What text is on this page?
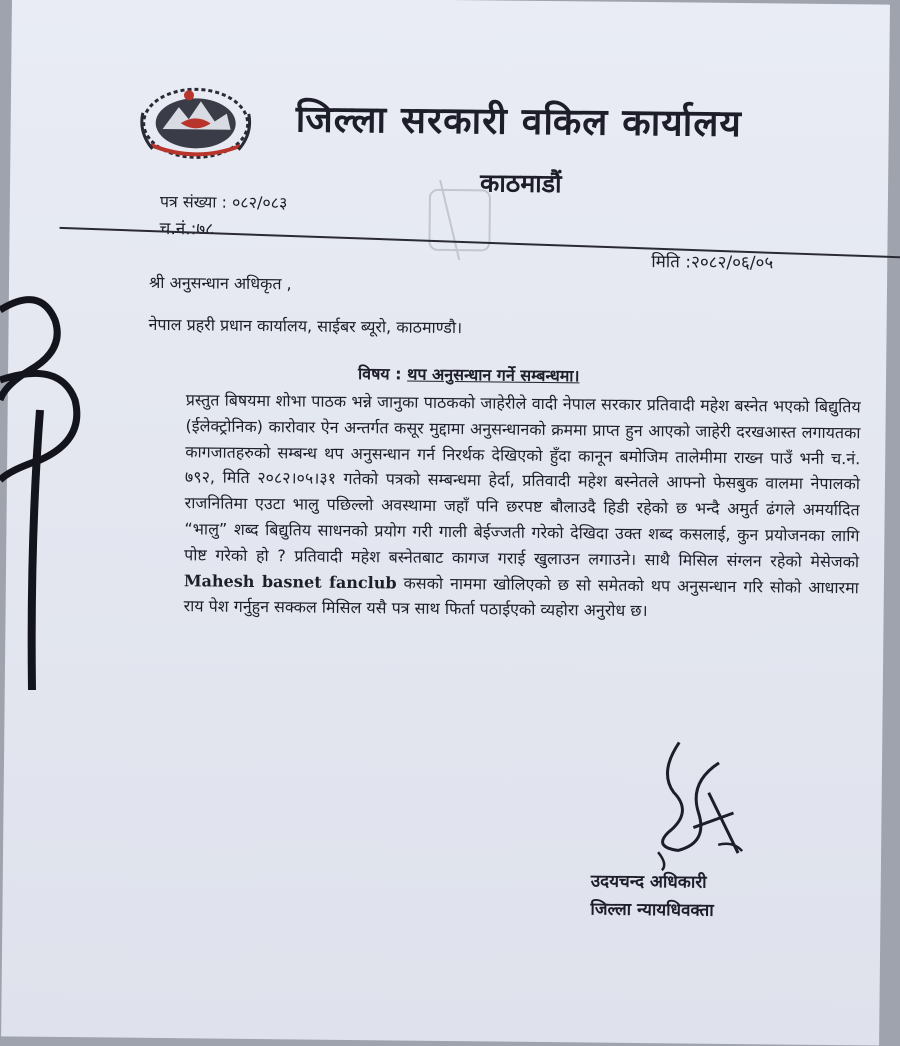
जिल्ला सरकारी वकिल कार्यालय
काठमाडौं
पत्र संख्या : ०८२/०८३
च.नं.:७८
मिति :२०८२/०६/०५
श्री अनुसन्धान अधिकृत ,
नेपाल प्रहरी प्रधान कार्यालय, साईबर ब्यूरो, काठमाण्डौ।
विषय : थप अनुसन्धान गर्ने सम्बन्धमा।
प्रस्तुत बिषयमा शोभा पाठक भन्ने जानुका पाठकको जाहेरीले वादी नेपाल सरकार प्रतिवादी महेश बस्नेत भएको बिद्युतिय (ईलेक्ट्रोनिक) कारोवार ऐन अन्तर्गत कसूर मुद्दामा अनुसन्धानको क्रममा प्राप्त हुन आएको जाहेरी दरखआस्त लगायतका कागजातहरुको सम्बन्ध थप अनुसन्धान गर्न निरर्थक देखिएको हुँदा कानून बमोजिम तालेमीमा राख्न पाउँ भनी च.नं. ७९२, मिति २०८२।०५।३१ गतेको पत्रको सम्बन्धमा हेर्दा, प्रतिवादी महेश बस्नेतले आफ्नो फेसबुक वालमा नेपालको राजनितिमा एउटा भालु पछिल्लो अवस्थामा जहाँ पनि छरपष्ट बौलाउदै हिडी रहेको छ भन्दै अमुर्त ढंगले अमर्यादित “भालु” शब्द बिद्युतिय साधनको प्रयोग गरी गाली बेईज्जती गरेको देखिदा उक्त शब्द कसलाई, कुन प्रयोजनका लागि पोष्ट गरेको हो ? प्रतिवादी महेश बस्नेतबाट कागज गराई खुलाउन लगाउने। साथै मिसिल संग्लन रहेको मेसेजको Mahesh basnet fanclub कसको नाममा खोलिएको छ सो समेतको थप अनुसन्धान गरि सोको आधारमा राय पेश गर्नुहुन सक्कल मिसिल यसै पत्र साथ फिर्ता पठाईएको व्यहोरा अनुरोध छ।
उदयचन्द अधिकारी
जिल्ला न्यायधिवक्ता
